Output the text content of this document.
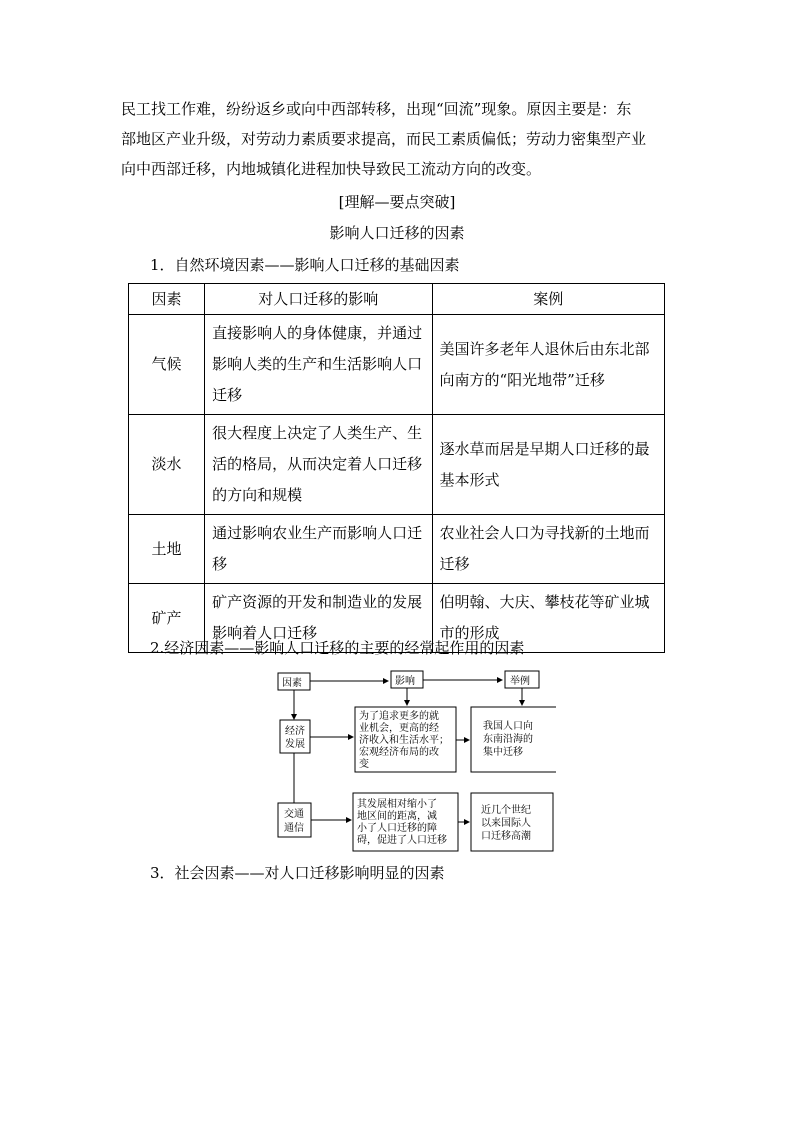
民工找工作难，纷纷返乡或向中西部转移，出现“回流”现象。原因主要是：东
部地区产业升级，对劳动力素质要求提高，而民工素质偏低；劳动力密集型产业
向中西部迁移，内地城镇化进程加快导致民工流动方向的改变。
[理解—要点突破]
影响人口迁移的因素
1．自然环境因素——影响人口迁移的基础因素
因素	对人口迁移的影响	案例
气候	直接影响人的身体健康，并通过影响人类的生产和生活影响人口迁移	美国许多老年人退休后由东北部向南方的“阳光地带”迁移
淡水	很大程度上决定了人类生产、生活的格局，从而决定着人口迁移的方向和规模	逐水草而居是早期人口迁移的最基本形式
土地	通过影响农业生产而影响人口迁移	农业社会人口为寻找新的土地而迁移
矿产	矿产资源的开发和制造业的发展影响着人口迁移	伯明翰、大庆、攀枝花等矿业城市的形成
2.经济因素——影响人口迁移的主要的经常起作用的因素
因素	影响	举例
经济
发展
为了追求更多的就
业机会，更高的经
济收入和生活水平；
宏观经济布局的改
变
我国人口向
东南沿海的
集中迁移
交通
通信
其发展相对缩小了
地区间的距离，减
小了人口迁移的障
碍，促进了人口迁移
近几个世纪
以来国际人
口迁移高潮
3．社会因素——对人口迁移影响明显的因素
